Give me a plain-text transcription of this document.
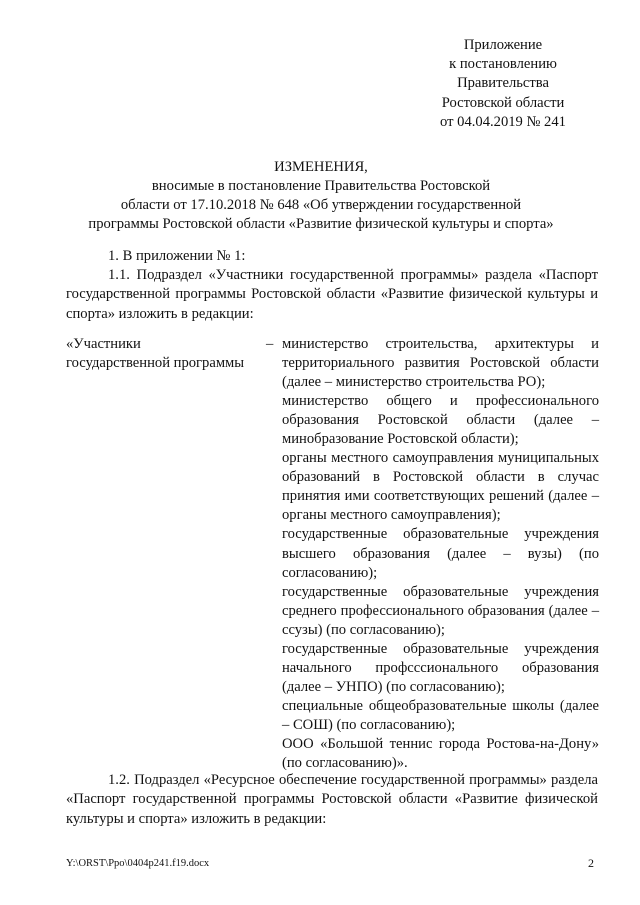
Приложение
к постановлению
Правительства
Ростовской области
от 04.04.2019 № 241
ИЗМЕНЕНИЯ,
вносимые в постановление Правительства Ростовской
области от 17.10.2018 № 648 «Об утверждении государственной
программы Ростовской области «Развитие физической культуры и спорта»
1. В приложении № 1:

1.1. Подраздел «Участники государственной программы» раздела «Паспорт государственной программы Ростовской области «Развитие физической культуры и спорта» изложить в редакции:

«Участники
государственной программы
– министерство строительства, архитектуры и территориального развития Ростовской области (далее – министерство строительства РО);

министерство общего и профессионального образования Ростовской области (далее – минобразование Ростовской области);

органы местного самоуправления муниципальных образований в Ростовской области в случас принятия ими соответствующих решений (далее – органы местного самоуправления);

государственные образовательные учреждения высшего образования (далее – вузы) (по согласованию);

государственные образовательные учреждения среднего профессионального образования (далее – ссузы) (по согласованию);

государственные образовательные учреждения начального профсссионального образования (далее – УНПО) (по согласованию);

специальные общеобразовательные школы (далее – СОШ) (по согласованию);

ООО «Большой теннис города Ростова-на-Дону» (по согласованию)».

1.2. Подраздел «Ресурсное обеспечение государственной программы» раздела «Паспорт государственной программы Ростовской области «Развитие физической культуры и спорта» изложить в редакции:

Y:\ORST\Ppo\0404p241.f19.docx	2
